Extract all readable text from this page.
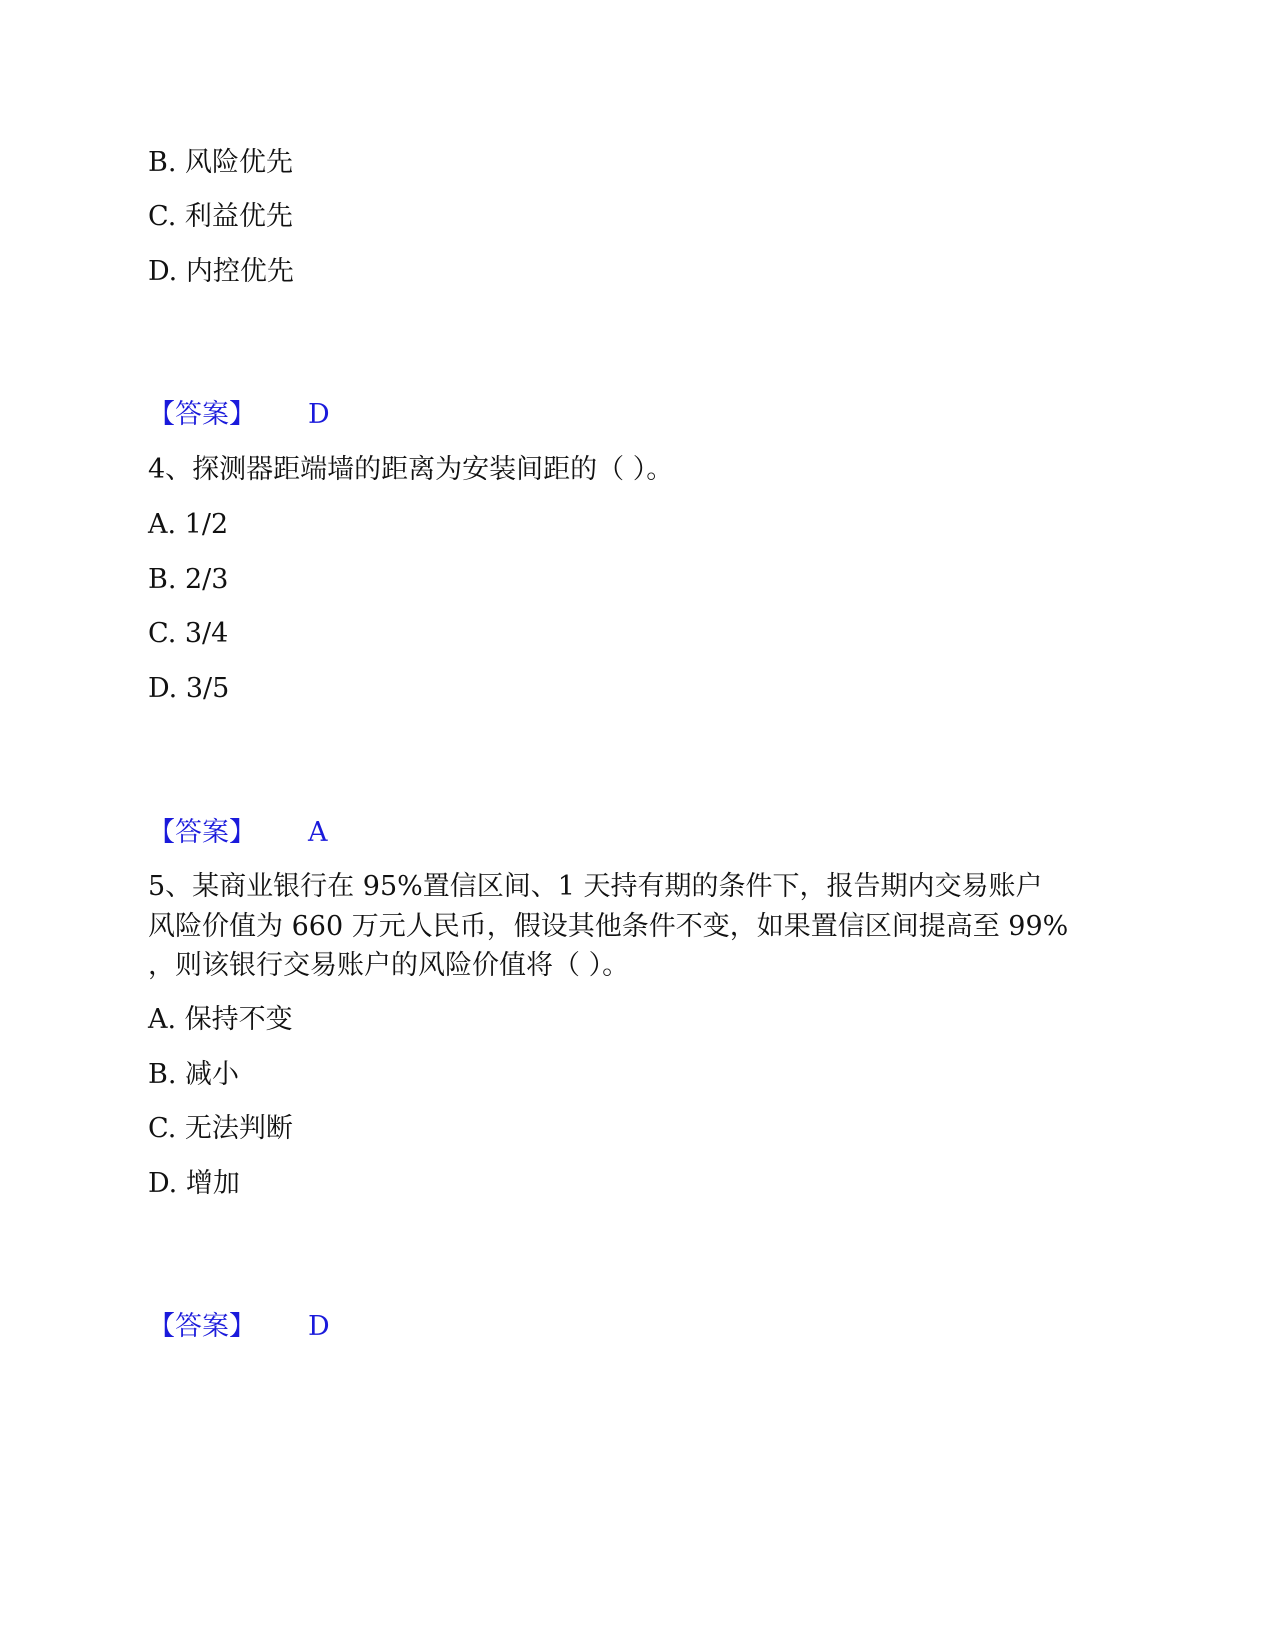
B. 风险优先
C. 利益优先
D. 内控优先
【答案】 D
4、探测器距端墙的距离为安装间距的（ ）。
A. 1/2
B. 2/3
C. 3/4
D. 3/5
【答案】 A
5、某商业银行在 95%置信区间、1 天持有期的条件下，报告期内交易账户
风险价值为 660 万元人民币，假设其他条件不变，如果置信区间提高至 99%
，则该银行交易账户的风险价值将（ ）。
A. 保持不变
B. 减小
C. 无法判断
D. 增加
【答案】 D
